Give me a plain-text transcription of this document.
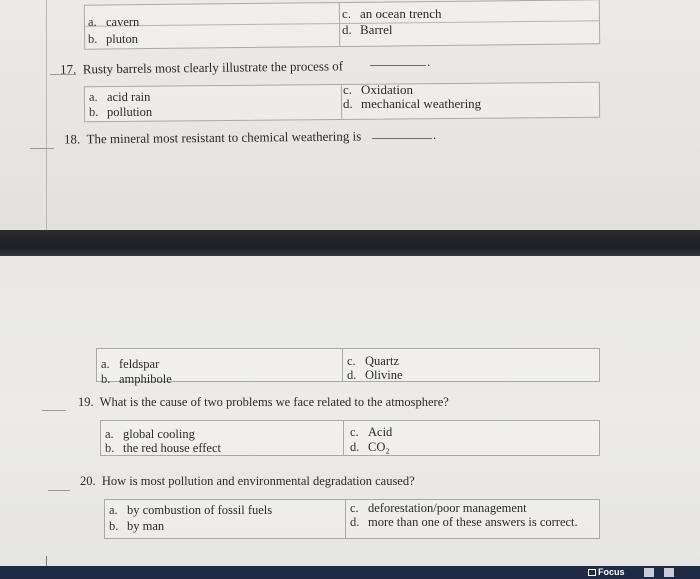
a. cavern
b. pluton
c. an ocean trench
d. Barrel
17. Rusty barrels most clearly illustrate the process of	.
a. acid rain
b. pollution
c. Oxidation
d. mechanical weathering
18. The mineral most resistant to chemical weathering is	.
a. feldspar
b. amphibole
c. Quartz
d. Olivine
19. What is the cause of two problems we face related to the atmosphere?
a. global cooling
b. the red house effect
c. Acid
d. CO₂
20. How is most pollution and environmental degradation caused?
a. by combustion of fossil fuels
b. by man
c. deforestation/poor management
d. more than one of these answers is correct.
Focus
